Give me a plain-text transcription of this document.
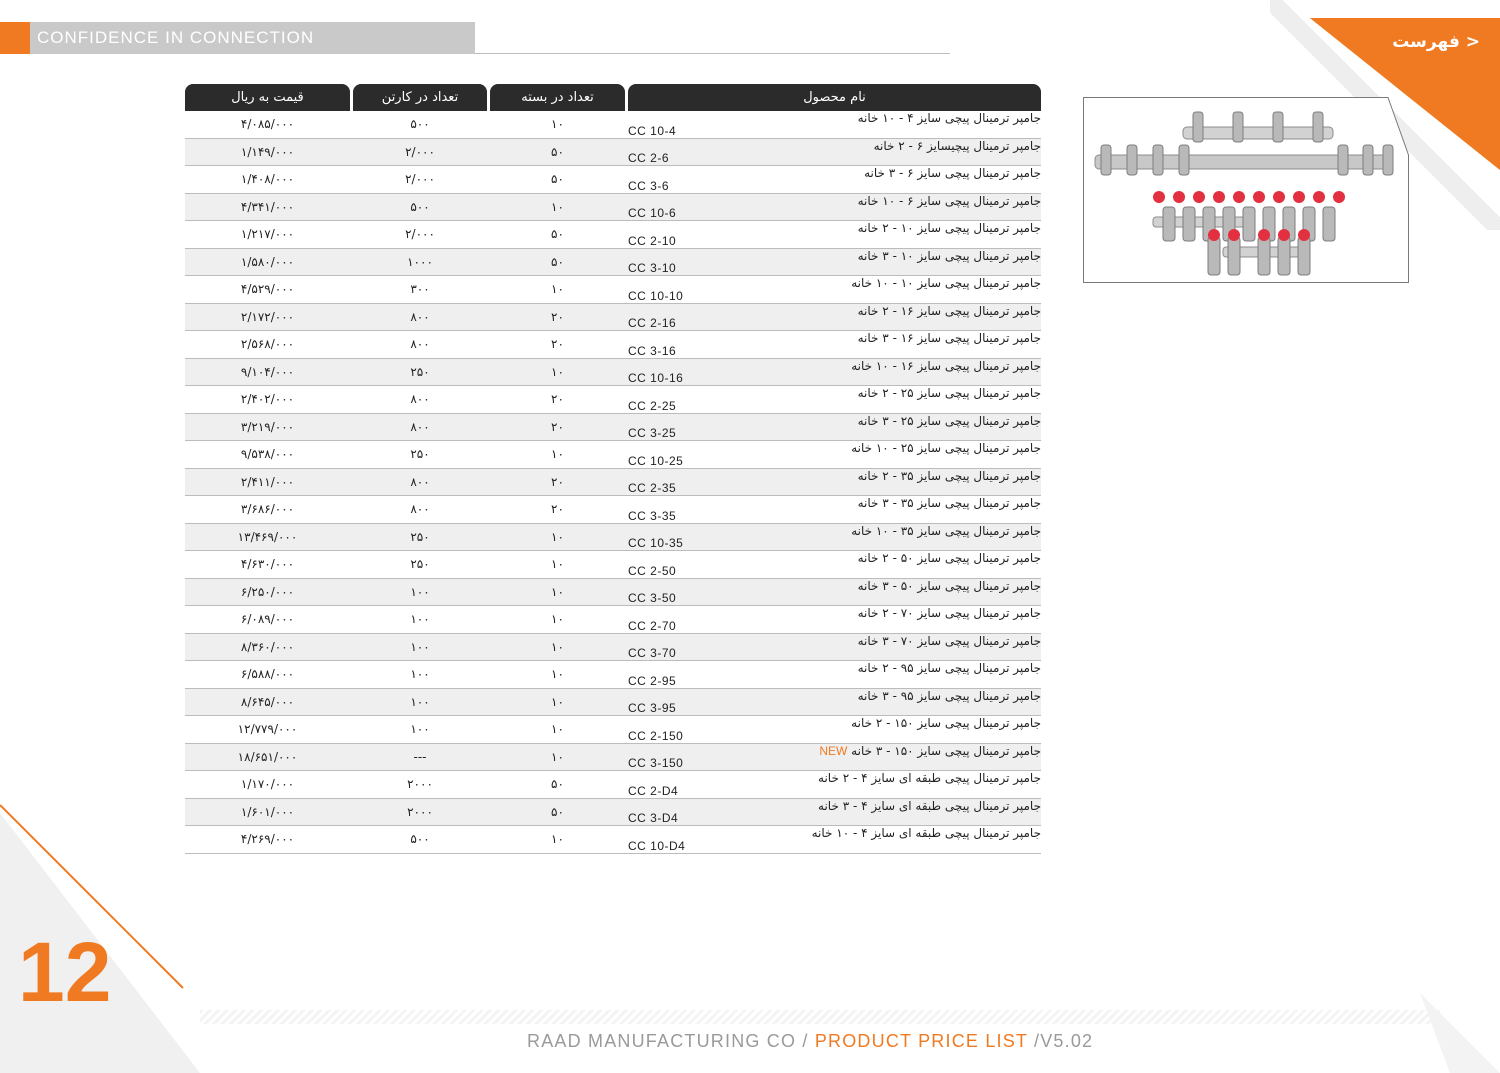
CONFIDENCE IN CONNECTION	< فهرست
قیمت به ریال		تعداد در کارتن		تعداد در بسته		نام محصول	
۴/۰۸۵/۰۰۰		۵۰۰		۱۰		CC 10-4	جامپر ترمینال پیچی سایز ۴ - ۱۰ خانه
۱/۱۴۹/۰۰۰		۲/۰۰۰		۵۰		CC 2-6	جامپر ترمینال پیچیسایز ۶ - ۲ خانه
۱/۴۰۸/۰۰۰		۲/۰۰۰		۵۰		CC 3-6	جامپر ترمینال پیچی سایز ۶ - ۳ خانه
۴/۳۴۱/۰۰۰		۵۰۰		۱۰		CC 10-6	جامپر ترمینال پیچی سایز ۶ - ۱۰ خانه
۱/۲۱۷/۰۰۰		۲/۰۰۰		۵۰		CC 2-10	جامپر ترمینال پیچی سایز ۱۰ - ۲ خانه
۱/۵۸۰/۰۰۰		۱۰۰۰		۵۰		CC 3-10	جامپر ترمینال پیچی سایز ۱۰ - ۳ خانه
۴/۵۲۹/۰۰۰		۳۰۰		۱۰		CC 10-10	جامپر ترمینال پیچی سایز ۱۰ - ۱۰ خانه
۲/۱۷۲/۰۰۰		۸۰۰		۲۰		CC 2-16	جامپر ترمینال پیچی سایز ۱۶ - ۲ خانه
۲/۵۶۸/۰۰۰		۸۰۰		۲۰		CC 3-16	جامپر ترمینال پیچی سایز ۱۶ - ۳ خانه
۹/۱۰۴/۰۰۰		۲۵۰		۱۰		CC 10-16	جامپر ترمینال پیچی سایز ۱۶ - ۱۰ خانه
۲/۴۰۲/۰۰۰		۸۰۰		۲۰		CC 2-25	جامپر ترمینال پیچی سایز ۲۵ - ۲ خانه
۳/۲۱۹/۰۰۰		۸۰۰		۲۰		CC 3-25	جامپر ترمینال پیچی سایز ۲۵ - ۳ خانه
۹/۵۳۸/۰۰۰		۲۵۰		۱۰		CC 10-25	جامپر ترمینال پیچی سایز ۲۵ - ۱۰ خانه
۲/۴۱۱/۰۰۰		۸۰۰		۲۰		CC 2-35	جامپر ترمینال پیچی سایز ۳۵ - ۲ خانه
۳/۶۸۶/۰۰۰		۸۰۰		۲۰		CC 3-35	جامپر ترمینال پیچی سایز ۳۵ - ۳ خانه
۱۳/۴۶۹/۰۰۰		۲۵۰		۱۰		CC 10-35	جامپر ترمینال پیچی سایز ۳۵ - ۱۰ خانه
۴/۶۳۰/۰۰۰		۲۵۰		۱۰		CC 2-50	جامپر ترمینال پیچی سایز ۵۰ - ۲ خانه
۶/۲۵۰/۰۰۰		۱۰۰		۱۰		CC 3-50	جامپر ترمینال پیچی سایز ۵۰ - ۳ خانه
۶/۰۸۹/۰۰۰		۱۰۰		۱۰		CC 2-70	جامپر ترمینال پیچی سایز ۷۰ - ۲ خانه
۸/۳۶۰/۰۰۰		۱۰۰		۱۰		CC 3-70	جامپر ترمینال پیچی سایز ۷۰ - ۳ خانه
۶/۵۸۸/۰۰۰		۱۰۰		۱۰		CC 2-95	جامپر ترمینال پیچی سایز ۹۵ - ۲ خانه
۸/۶۴۵/۰۰۰		۱۰۰		۱۰		CC 3-95	جامپر ترمینال پیچی سایز ۹۵ - ۳ خانه
۱۲/۷۷۹/۰۰۰		۱۰۰		۱۰		CC 2-150	جامپر ترمینال پیچی سایز ۱۵۰ - ۲ خانه
۱۸/۶۵۱/۰۰۰		---		۱۰		CC 3-150	جامپر ترمینال پیچی سایز ۱۵۰ - ۳ خانه NEW
۱/۱۷۰/۰۰۰		۲۰۰۰		۵۰		CC 2-D4	جامپر ترمینال پیچی طبقه ای سایز ۴ - ۲ خانه
۱/۶۰۱/۰۰۰		۲۰۰۰		۵۰		CC 3-D4	جامپر ترمینال پیچی طبقه ای سایز ۴ - ۳ خانه
۴/۲۶۹/۰۰۰		۵۰۰		۱۰		CC 10-D4	جامپر ترمینال پیچی طبقه ای سایز ۴ - ۱۰ خانه
12
RAAD MANUFACTURING CO / PRODUCT PRICE LIST /V5.02
